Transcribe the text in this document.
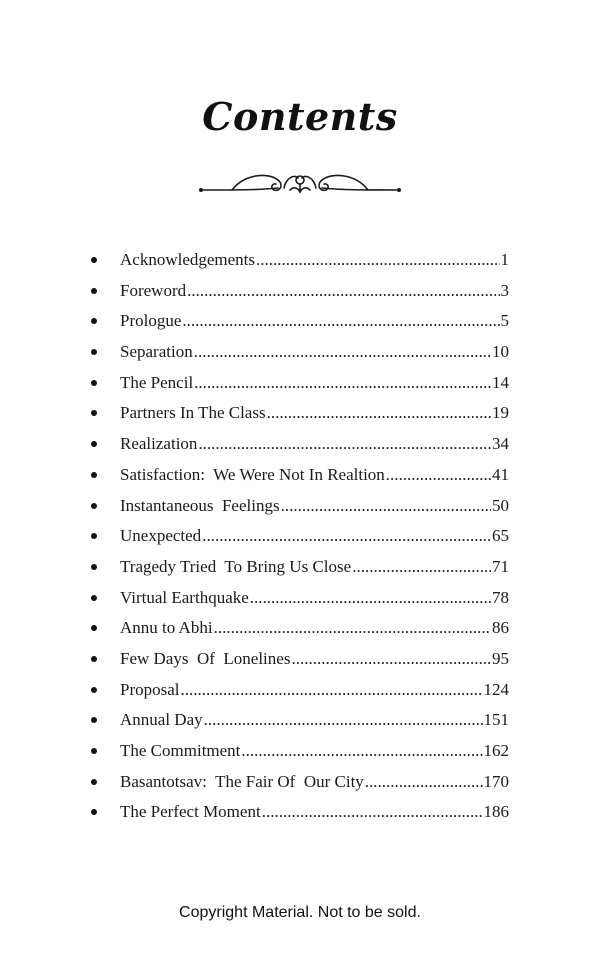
Contents
Acknowledgements .....	1
Foreword .....	3
Prologue .....	5
Separation .....	10
The Pencil .....	14
Partners In The Class .....	19
Realization .....	34
Satisfaction:  We Were Not In Realtion .....	41
Instantaneous  Feelings .....	50
Unexpected .....	65
Tragedy Tried  To Bring Us Close .....	71
Virtual Earthquake .....	78
Annu to Abhi .....	86
Few Days  Of  Lonelines .....	95
Proposal .....	124
Annual Day .....	151
The Commitment .....	162
Basantotsav:  The Fair Of  Our City .....	170
The Perfect Moment .....	186
Copyright Material. Not to be sold.
